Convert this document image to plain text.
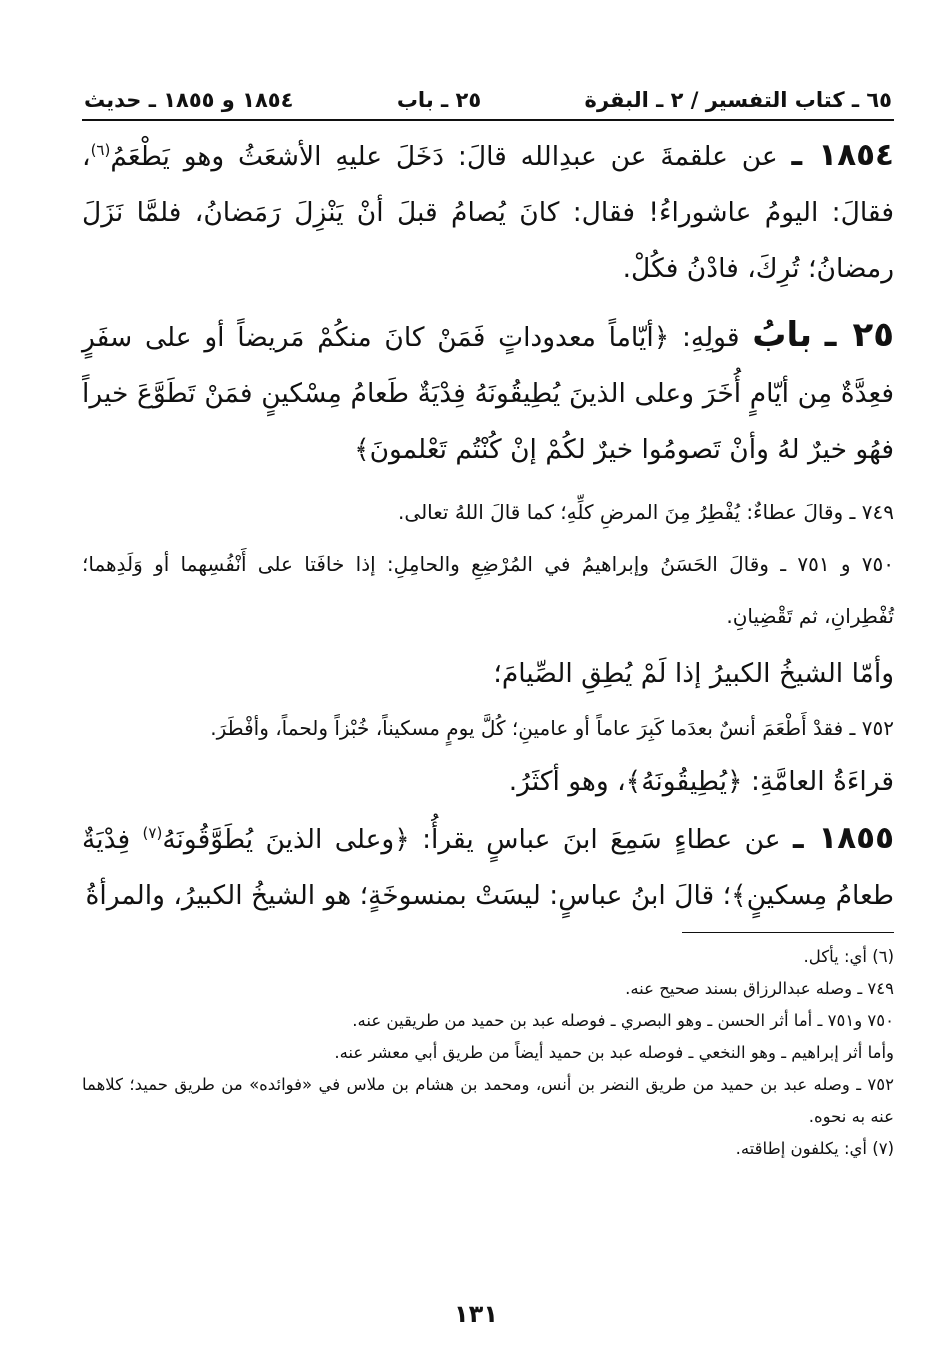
٦٥ ـ كتاب التفسير / ٢ ـ البقرة
٢٥ ـ باب
١٨٥٤ و ١٨٥٥ ـ حديث

١٨٥٤ ـ عن علقمةَ عن عبدِالله قالَ: دَخَلَ عليهِ الأشعَثُ وهو يَطْعَمُ$^{(٦)}$، فقالَ: اليومُ عاشوراءُ! فقال: كانَ يُصامُ قبلَ أنْ يَنْزِلَ رَمَضانُ، فلمَّا نَزَلَ رمضانُ؛ تُرِكَ، فادْنُ فكُلْ.

٢٥ ـ بابُ قولِهِ: ﴿أيّاماً معدوداتٍ فَمَنْ كانَ منكُمْ مَريضاً أو على سفَرٍ فعِدَّةٌ مِن أيّامٍ أُخَرَ وعلى الذينَ يُطِيقُونَهُ فِدْيَةٌ طَعامُ مِسْكينٍ فمَنْ تَطَوَّعَ خيراً فهُو خيرٌ لهُ وأنْ تَصومُوا خيرٌ لكُمْ إنْ كُنْتُم تَعْلمونَ﴾

٧٤٩ ـ وقالَ عطاءٌ: يُفْطِرُ مِنَ المرضِ كلِّهِ؛ كما قالَ اللهُ تعالى.

٧٥٠ و ٧٥١ ـ وقالَ الحَسَنُ وإبراهيمُ في المُرْضِعِ والحامِلِ: إذا خافَتا على أَنْفُسِهما أو وَلَدِهما؛ تُفْطِرانِ، ثم تَقْضِيانِ.

وأمّا الشيخُ الكبيرُ إذا لَمْ يُطِقِ الصِّيامَ؛

٧٥٢ ـ فقدْ أَطْعَمَ أنسٌ بعدَما كَبِرَ عاماً أو عامينِ؛ كُلَّ يومٍ مسكيناً، خُبْزاً ولحماً، وأفْطَرَ.

قراءَةُ العامَّةِ: ﴿يُطِيقُونَهُ﴾، وهو أكثَرُ.

١٨٥٥ ـ عن عطاءٍ سَمِعَ ابنَ عباسٍ يقرأُ: ﴿وعلى الذينَ يُطَوَّقُونَهُ$^{(٧)}$ فِدْيَةٌ طعامُ مِسكينٍ﴾؛ قالَ ابنُ عباسٍ: ليسَتْ بمنسوخَةٍ؛ هو الشيخُ الكبيرُ، والمرأةُ

(٦) أي: يأكل.

٧٤٩ ـ وصله عبدالرزاق بسند صحيح عنه.

٧٥٠ و٧٥١ ـ أما أثر الحسن ـ وهو البصري ـ فوصله عبد بن حميد من طريقين عنه.

وأما أثر إبراهيم ـ وهو النخعي ـ فوصله عبد بن حميد أيضاً من طريق أبي معشر عنه.

٧٥٢ ـ وصله عبد بن حميد من طريق النضر بن أنس، ومحمد بن هشام بن ملاس في «فوائده» من طريق حميد؛ كلاهما عنه به نحوه.

(٧) أي: يكلفون إطاقته.

١٣١
